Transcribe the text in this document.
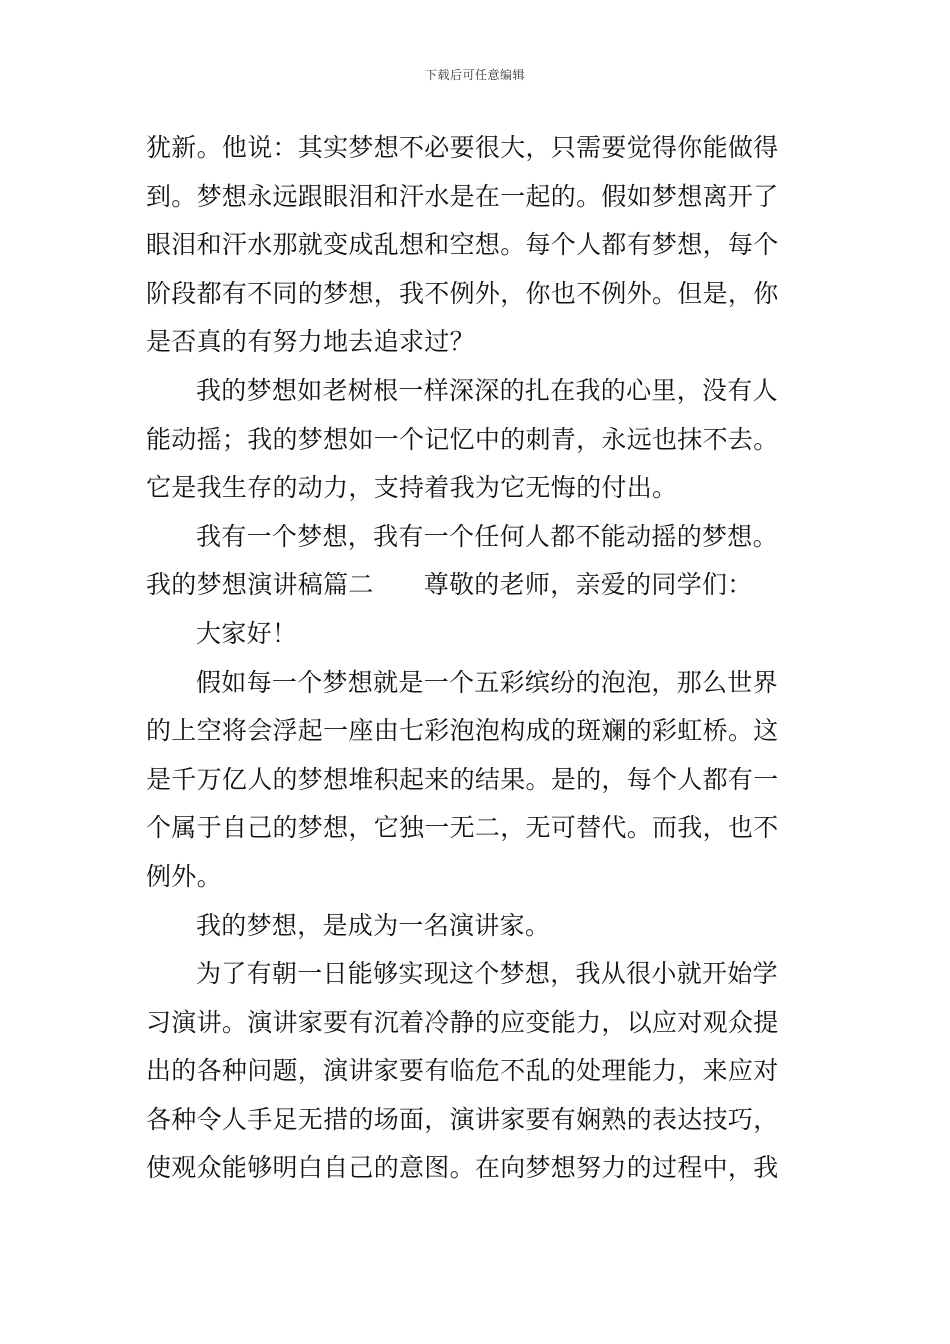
下载后可任意编辑
犹新。他说：其实梦想不必要很大，只需要觉得你能做得
到。梦想永远跟眼泪和汗水是在一起的。假如梦想离开了
眼泪和汗水那就变成乱想和空想。每个人都有梦想，每个
阶段都有不同的梦想，我不例外，你也不例外。但是，你
是否真的有努力地去追求过？
我的梦想如老树根一样深深的扎在我的心里，没有人
能动摇；我的梦想如一个记忆中的刺青，永远也抹不去。
它是我生存的动力，支持着我为它无悔的付出。
我有一个梦想，我有一个任何人都不能动摇的梦想。
我的梦想演讲稿篇二 尊敬的老师，亲爱的同学们：
大家好！
假如每一个梦想就是一个五彩缤纷的泡泡，那么世界
的上空将会浮起一座由七彩泡泡构成的斑斓的彩虹桥。这
是千万亿人的梦想堆积起来的结果。是的，每个人都有一
个属于自己的梦想，它独一无二，无可替代。而我，也不
例外。
我的梦想，是成为一名演讲家。
为了有朝一日能够实现这个梦想，我从很小就开始学
习演讲。演讲家要有沉着冷静的应变能力，以应对观众提
出的各种问题，演讲家要有临危不乱的处理能力，来应对
各种令人手足无措的场面，演讲家要有娴熟的表达技巧，
使观众能够明白自己的意图。在向梦想努力的过程中，我
